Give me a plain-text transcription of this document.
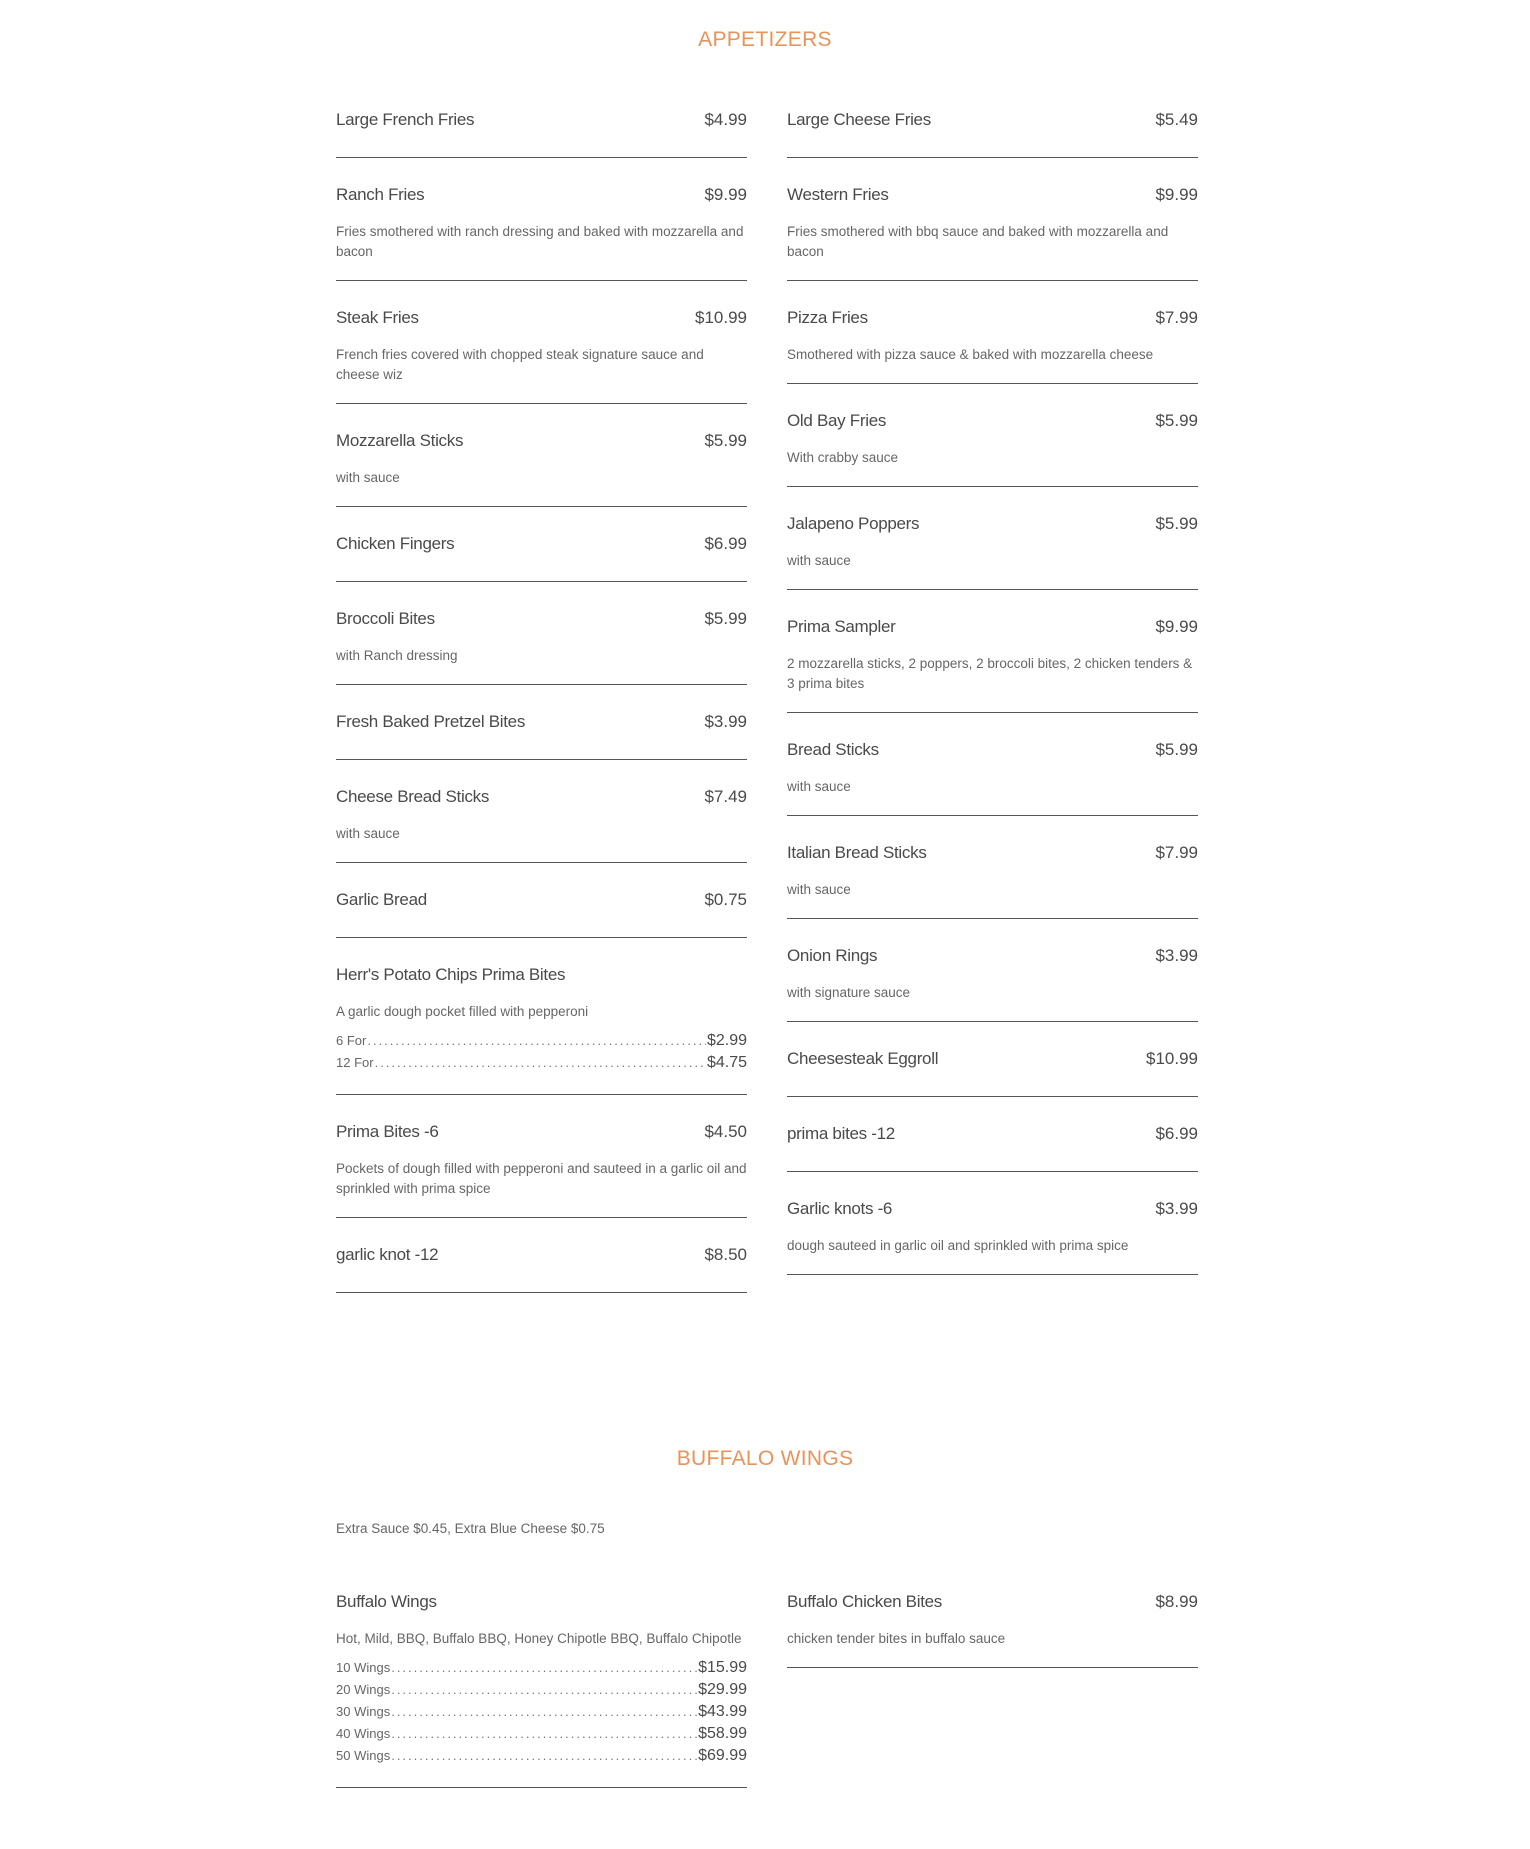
APPETIZERS
Large French Fries	$4.99
Ranch Fries	$9.99
Fries smothered with ranch dressing and baked with mozzarella and bacon
Steak Fries	$10.99
French fries covered with chopped steak signature sauce and cheese wiz
Mozzarella Sticks	$5.99
with sauce
Chicken Fingers	$6.99
Broccoli Bites	$5.99
with Ranch dressing
Fresh Baked Pretzel Bites	$3.99
Cheese Bread Sticks	$7.49
with sauce
Garlic Bread	$0.75
Herr's Potato Chips Prima Bites
A garlic dough pocket filled with pepperoni
6 For .....	$2.99
12 For .....	$4.75
Prima Bites -6	$4.50
Pockets of dough filled with pepperoni and sauteed in a garlic oil and sprinkled with prima spice
garlic knot -12	$8.50
Large Cheese Fries	$5.49
Western Fries	$9.99
Fries smothered with bbq sauce and baked with mozzarella and bacon
Pizza Fries	$7.99
Smothered with pizza sauce & baked with mozzarella cheese
Old Bay Fries	$5.99
With crabby sauce
Jalapeno Poppers	$5.99
with sauce
Prima Sampler	$9.99
2 mozzarella sticks, 2 poppers, 2 broccoli bites, 2 chicken tenders & 3 prima bites
Bread Sticks	$5.99
with sauce
Italian Bread Sticks	$7.99
with sauce
Onion Rings	$3.99
with signature sauce
Cheesesteak Eggroll	$10.99
prima bites -12	$6.99
Garlic knots -6	$3.99
dough sauteed in garlic oil and sprinkled with prima spice
BUFFALO WINGS
Extra Sauce $0.45, Extra Blue Cheese $0.75
Buffalo Wings
Hot, Mild, BBQ, Buffalo BBQ, Honey Chipotle BBQ, Buffalo Chipotle
10 Wings .....	$15.99
20 Wings .....	$29.99
30 Wings .....	$43.99
40 Wings .....	$58.99
50 Wings .....	$69.99
Buffalo Chicken Bites	$8.99
chicken tender bites in buffalo sauce
